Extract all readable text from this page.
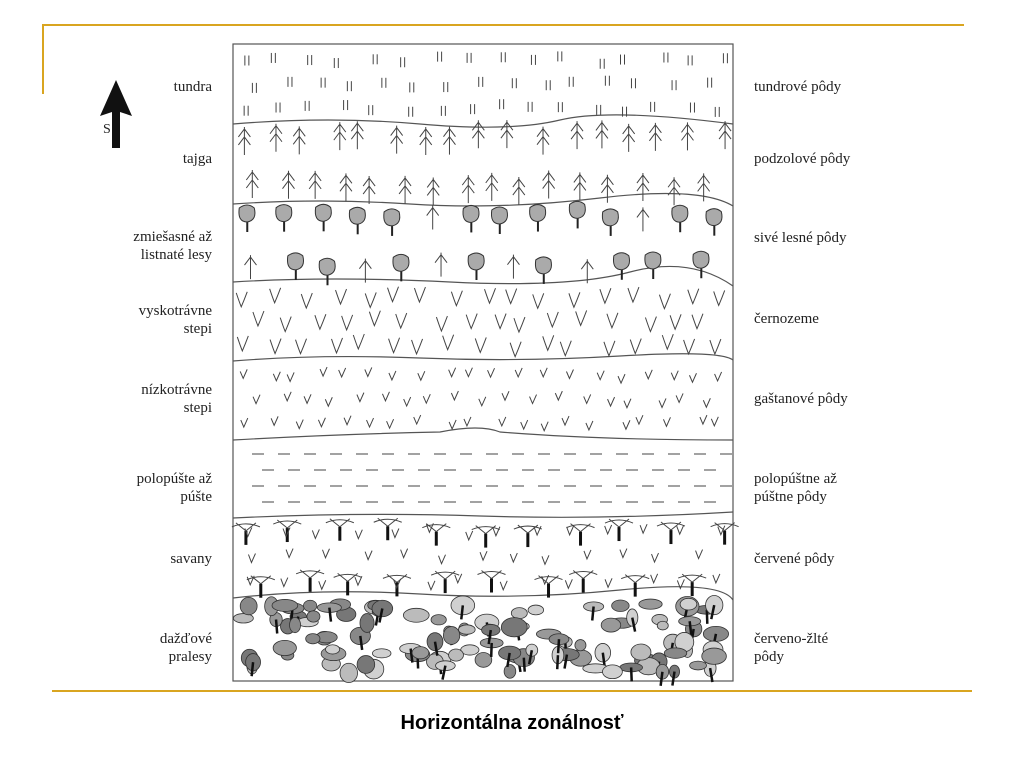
S
tundra
tajga
zmiešasné až
listnaté lesy
vyskotrávne
stepi
nízkotrávne
stepi
polopúšte až
púšte
savany
dažďové
pralesy
tundrové pôdy
podzolové pôdy
sivé lesné pôdy
černozeme
gaštanové pôdy
polopúštne až
púštne pôdy
červené pôdy
červeno-žlté
pôdy
Horizontálna zonálnosť
